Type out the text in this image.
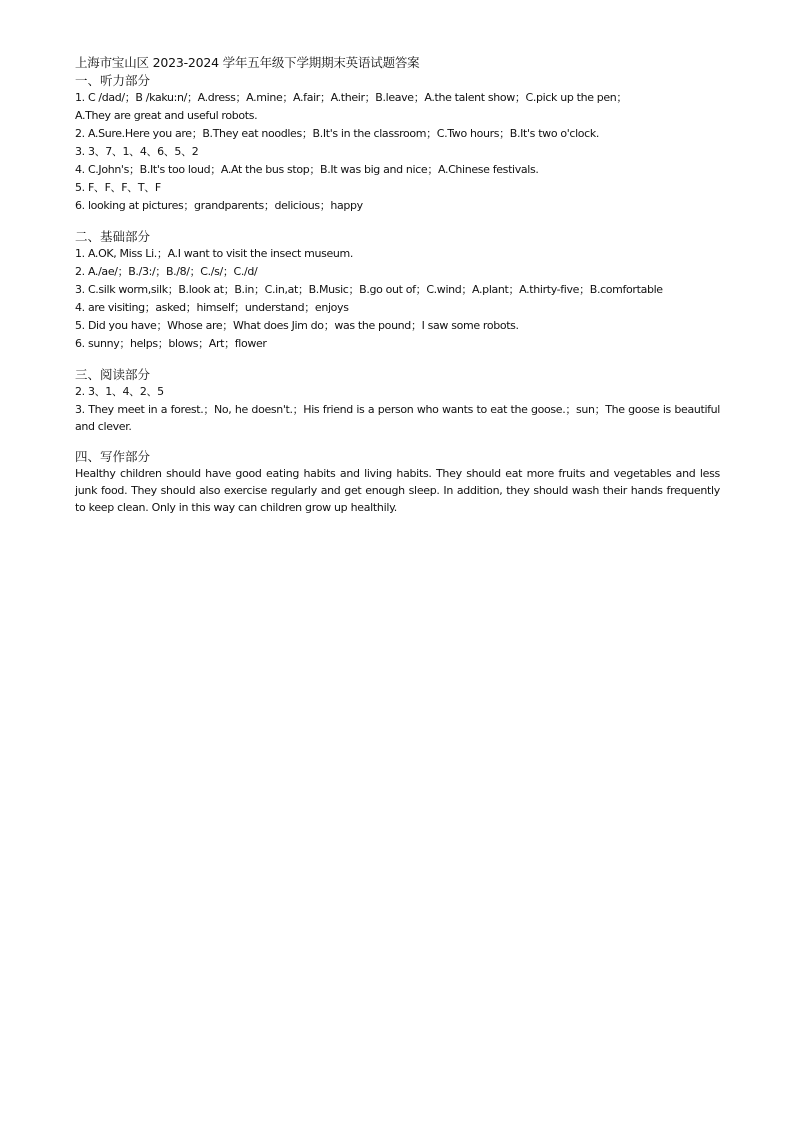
上海市宝山区 2023-2024 学年五年级下学期期末英语试题答案
一、听力部分
1. C /dad/；B /kaku:n/；A.dress；A.mine；A.fair；A.their；B.leave；A.the talent show；C.pick up the pen；
A.They are great and useful robots.
2. A.Sure.Here you are；B.They eat noodles；B.It's in the classroom；C.Two hours；B.It's two o'clock.
3. 3、7、1、4、6、5、2
4. C.John's；B.It's too loud；A.At the bus stop；B.It was big and nice；A.Chinese festivals.
5. F、F、F、T、F
6. looking at pictures；grandparents；delicious；happy
二、基础部分
1. A.OK, Miss Li.；A.I want to visit the insect museum.
2. A./ae/；B./3:/；B./8/；C./s/；C./d/
3. C.silk worm,silk；B.look at；B.in；C.in,at；B.Music；B.go out of；C.wind；A.plant；A.thirty-five；B.comfortable
4. are visiting；asked；himself；understand；enjoys
5. Did you have；Whose are；What does Jim do；was the pound；I saw some robots.
6. sunny；helps；blows；Art；flower
三、阅读部分
2. 3、1、4、2、5
3. They meet in a forest.；No, he doesn't.；His friend is a person who wants to eat the goose.；sun；The goose is beautiful and clever.
四、写作部分
Healthy children should have good eating habits and living habits. They should eat more fruits and vegetables and less junk food. They should also exercise regularly and get enough sleep. In addition, they should wash their hands frequently to keep clean. Only in this way can children grow up healthily.
